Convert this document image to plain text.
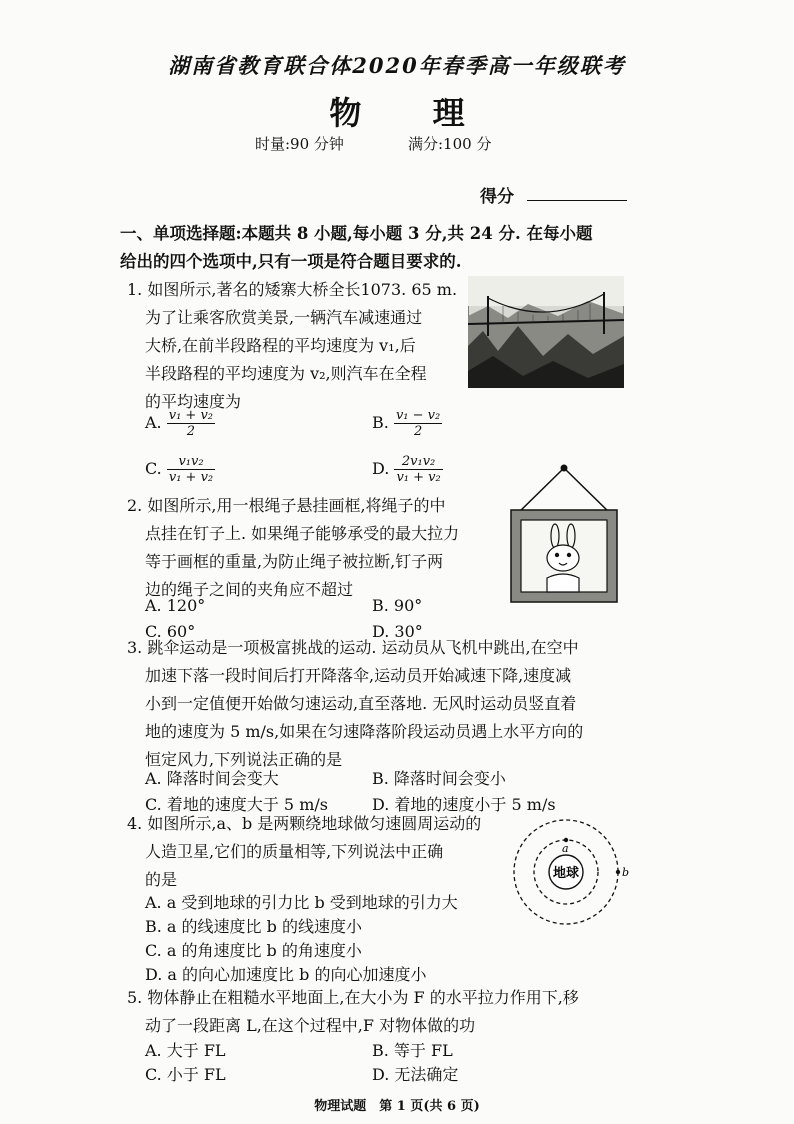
湖南省教育联合体2020年春季高一年级联考
物 理
时量:90 分钟	满分:100 分
得分
一、单项选择题:本题共 8 小题,每小题 3 分,共 24 分. 在每小题
给出的四个选项中,只有一项是符合题目要求的.
1. 如图所示,著名的矮寨大桥全长1073. 65 m.
为了让乘客欣赏美景,一辆汽车减速通过
大桥,在前半段路程的平均速度为 v₁,后
半段路程的平均速度为 v₂,则汽车在全程
的平均速度为
A. $\frac{\text{v₁ + v₂}}{2}$	B. $\frac{\text{v₁ − v₂}}{2}$
C. $\frac{\text{v₁v₂}}{\text{v₁ + v₂}}$	D. $\frac{\text{2v₁v₂}}{\text{v₁ + v₂}}$
2. 如图所示,用一根绳子悬挂画框,将绳子的中
点挂在钉子上. 如果绳子能够承受的最大拉力
等于画框的重量,为防止绳子被拉断,钉子两
边的绳子之间的夹角应不超过
A. 120°	B. 90°
C. 60°	D. 30°
3. 跳伞运动是一项极富挑战的运动. 运动员从飞机中跳出,在空中
加速下落一段时间后打开降落伞,运动员开始减速下降,速度减
小到一定值便开始做匀速运动,直至落地. 无风时运动员竖直着
地的速度为 5 m/s,如果在匀速降落阶段运动员遇上水平方向的
恒定风力,下列说法正确的是
A. 降落时间会变大	B. 降落时间会变小
C. 着地的速度大于 5 m/s	D. 着地的速度小于 5 m/s
4. 如图所示,a、b 是两颗绕地球做匀速圆周运动的
人造卫星,它们的质量相等,下列说法中正确
的是
A. a 受到地球的引力比 b 受到地球的引力大
B. a 的线速度比 b 的线速度小
C. a 的角速度比 b 的角速度小
D. a 的向心加速度比 b 的向心加速度小
地球
a
b
5. 物体静止在粗糙水平地面上,在大小为 F 的水平拉力作用下,移
动了一段距离 L,在这个过程中,F 对物体做的功
A. 大于 FL	B. 等于 FL
C. 小于 FL	D. 无法确定
物理试题　第 1 页(共 6 页)
